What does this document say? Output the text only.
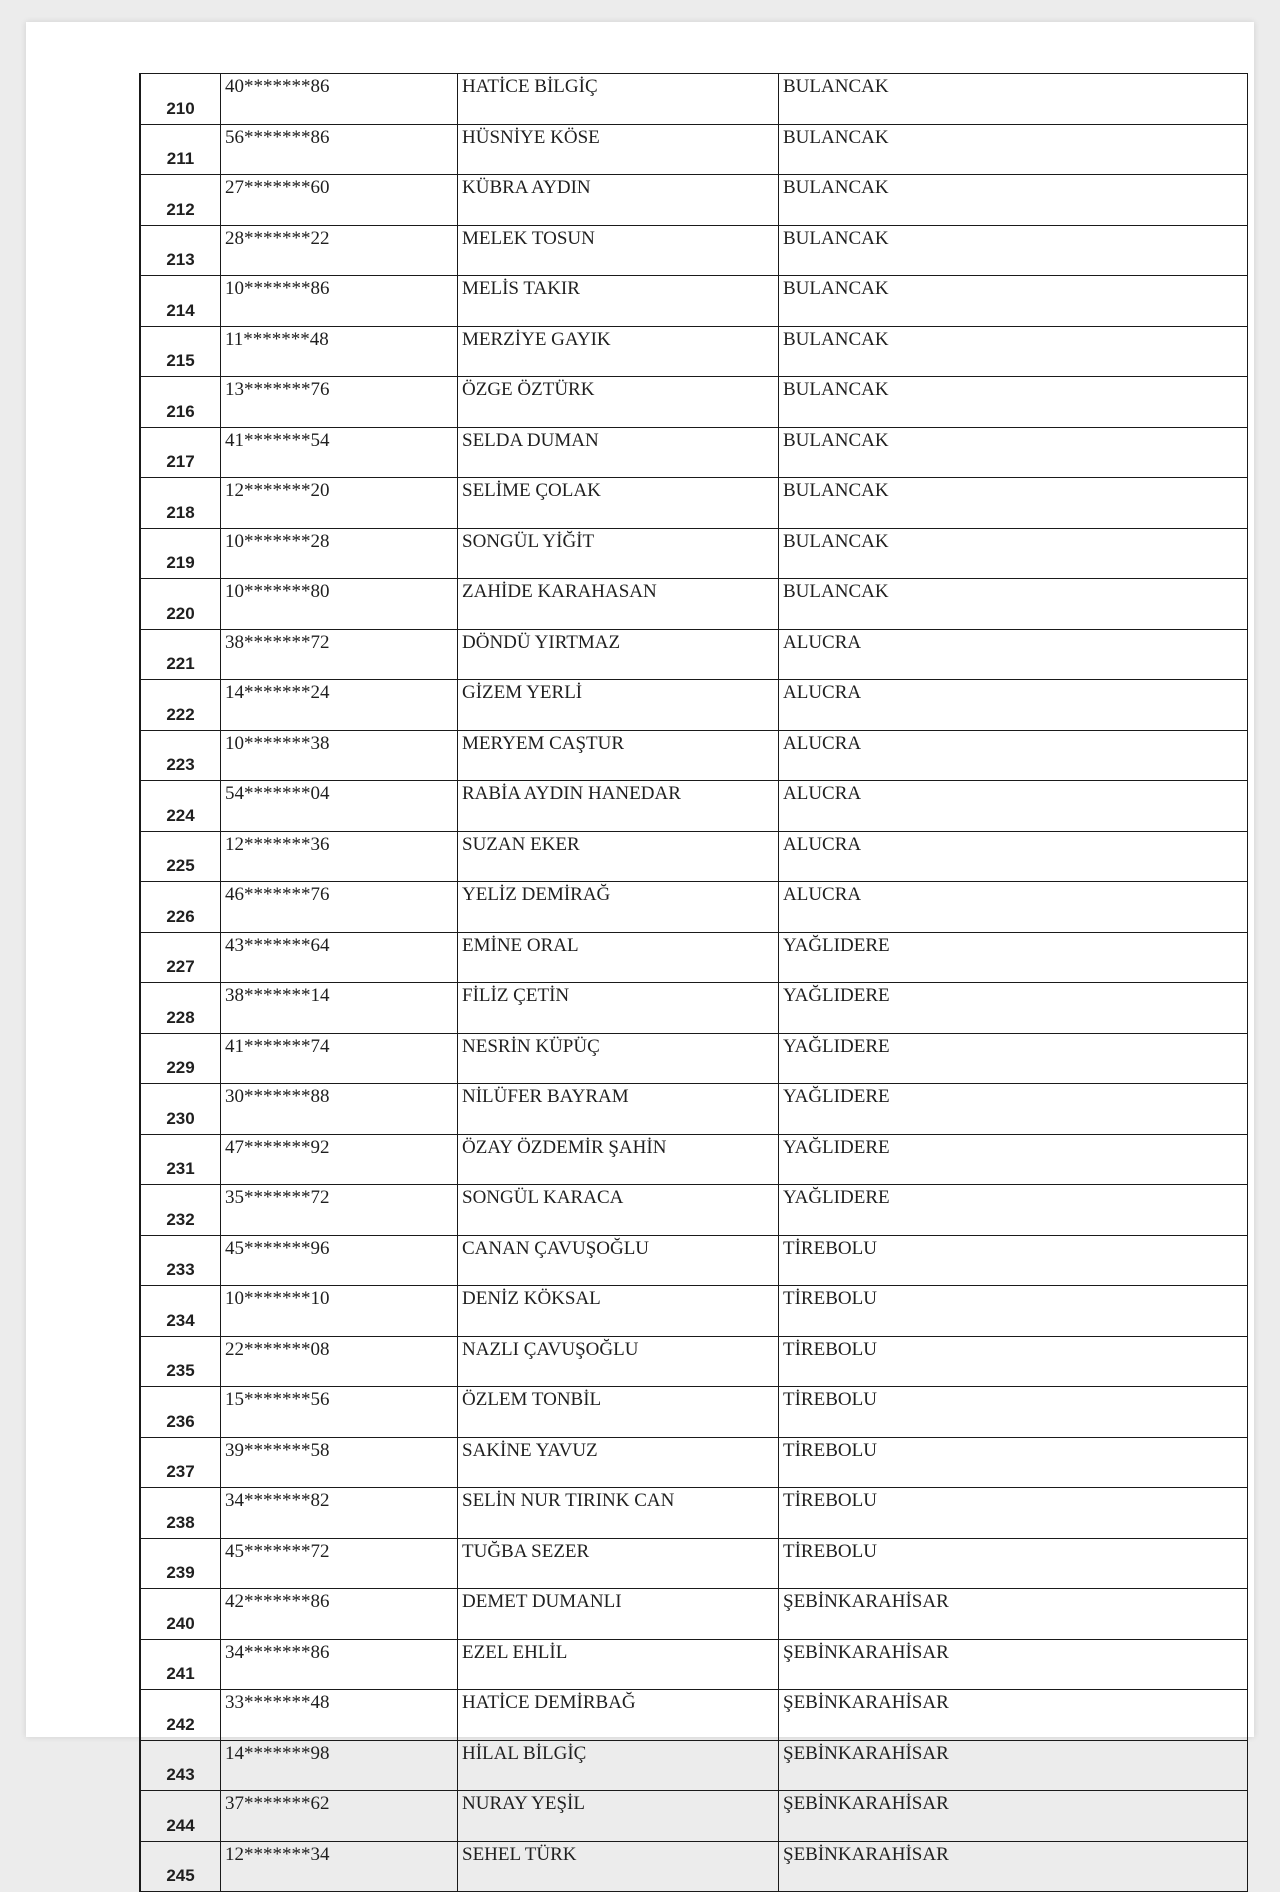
210	40*******86	HATİCE BİLGİÇ	BULANCAK
211	56*******86	HÜSNİYE KÖSE	BULANCAK
212	27*******60	KÜBRA AYDIN	BULANCAK
213	28*******22	MELEK TOSUN	BULANCAK
214	10*******86	MELİS TAKIR	BULANCAK
215	11*******48	MERZİYE GAYIK	BULANCAK
216	13*******76	ÖZGE ÖZTÜRK	BULANCAK
217	41*******54	SELDA DUMAN	BULANCAK
218	12*******20	SELİME ÇOLAK	BULANCAK
219	10*******28	SONGÜL YİĞİT	BULANCAK
220	10*******80	ZAHİDE KARAHASAN	BULANCAK
221	38*******72	DÖNDÜ YIRTMAZ	ALUCRA
222	14*******24	GİZEM YERLİ	ALUCRA
223	10*******38	MERYEM CAŞTUR	ALUCRA
224	54*******04	RABİA AYDIN HANEDAR	ALUCRA
225	12*******36	SUZAN EKER	ALUCRA
226	46*******76	YELİZ DEMİRAĞ	ALUCRA
227	43*******64	EMİNE ORAL	YAĞLIDERE
228	38*******14	FİLİZ ÇETİN	YAĞLIDERE
229	41*******74	NESRİN KÜPÜÇ	YAĞLIDERE
230	30*******88	NİLÜFER BAYRAM	YAĞLIDERE
231	47*******92	ÖZAY ÖZDEMİR ŞAHİN	YAĞLIDERE
232	35*******72	SONGÜL KARACA	YAĞLIDERE
233	45*******96	CANAN ÇAVUŞOĞLU	TİREBOLU
234	10*******10	DENİZ KÖKSAL	TİREBOLU
235	22*******08	NAZLI ÇAVUŞOĞLU	TİREBOLU
236	15*******56	ÖZLEM TONBİL	TİREBOLU
237	39*******58	SAKİNE YAVUZ	TİREBOLU
238	34*******82	SELİN NUR TIRINK CAN	TİREBOLU
239	45*******72	TUĞBA SEZER	TİREBOLU
240	42*******86	DEMET DUMANLI	ŞEBİNKARAHİSAR
241	34*******86	EZEL EHLİL	ŞEBİNKARAHİSAR
242	33*******48	HATİCE DEMİRBAĞ	ŞEBİNKARAHİSAR
243	14*******98	HİLAL BİLGİÇ	ŞEBİNKARAHİSAR
244	37*******62	NURAY YEŞİL	ŞEBİNKARAHİSAR
245	12*******34	SEHEL TÜRK	ŞEBİNKARAHİSAR
